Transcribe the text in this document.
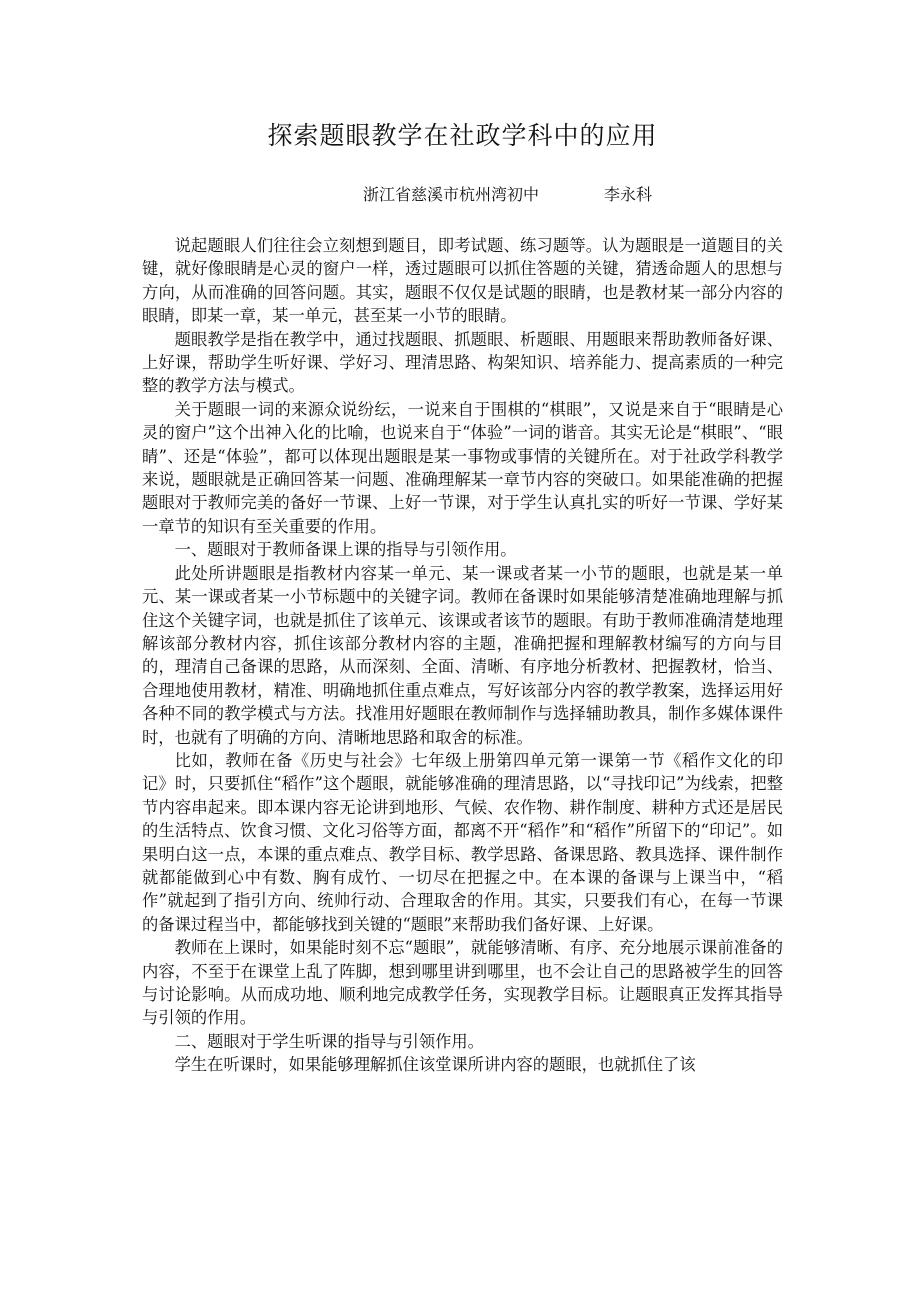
探索题眼教学在社政学科中的应用
浙江省慈溪市杭州湾初中	李永科

说起题眼人们往往会立刻想到题目，即考试题、练习题等。认为题眼是一道题目的关键，就好像眼睛是心灵的窗户一样，透过题眼可以抓住答题的关键，猜透命题人的思想与方向，从而准确的回答问题。其实，题眼不仅仅是试题的眼睛，也是教材某一部分内容的眼睛，即某一章，某一单元，甚至某一小节的眼睛。

题眼教学是指在教学中，通过找题眼、抓题眼、析题眼、用题眼来帮助教师备好课、上好课，帮助学生听好课、学好习、理清思路、构架知识、培养能力、提高素质的一种完整的教学方法与模式。

关于题眼一词的来源众说纷纭，一说来自于围棋的“棋眼”，又说是来自于“眼睛是心灵的窗户”这个出神入化的比喻，也说来自于“体验”一词的谐音。其实无论是“棋眼”、“眼睛”、还是“体验”，都可以体现出题眼是某一事物或事情的关键所在。对于社政学科教学来说，题眼就是正确回答某一问题、准确理解某一章节内容的突破口。如果能准确的把握题眼对于教师完美的备好一节课、上好一节课，对于学生认真扎实的听好一节课、学好某一章节的知识有至关重要的作用。

一、题眼对于教师备课上课的指导与引领作用。

此处所讲题眼是指教材内容某一单元、某一课或者某一小节的题眼，也就是某一单元、某一课或者某一小节标题中的关键字词。教师在备课时如果能够清楚准确地理解与抓住这个关键字词，也就是抓住了该单元、该课或者该节的题眼。有助于教师准确清楚地理解该部分教材内容，抓住该部分教材内容的主题，准确把握和理解教材编写的方向与目的，理清自己备课的思路，从而深刻、全面、清晰、有序地分析教材、把握教材，恰当、合理地使用教材，精准、明确地抓住重点难点，写好该部分内容的教学教案，选择运用好各种不同的教学模式与方法。找准用好题眼在教师制作与选择辅助教具，制作多媒体课件时，也就有了明确的方向、清晰地思路和取舍的标准。

比如，教师在备《历史与社会》七年级上册第四单元第一课第一节《稻作文化的印记》时，只要抓住“稻作”这个题眼，就能够准确的理清思路，以“寻找印记”为线索，把整节内容串起来。即本课内容无论讲到地形、气候、农作物、耕作制度、耕种方式还是居民的生活特点、饮食习惯、文化习俗等方面，都离不开“稻作”和“稻作”所留下的“印记”。如果明白这一点，本课的重点难点、教学目标、教学思路、备课思路、教具选择、课件制作就都能做到心中有数、胸有成竹、一切尽在把握之中。在本课的备课与上课当中，“稻作”就起到了指引方向、统帅行动、合理取舍的作用。其实，只要我们有心，在每一节课的备课过程当中，都能够找到关键的“题眼”来帮助我们备好课、上好课。

教师在上课时，如果能时刻不忘“题眼”，就能够清晰、有序、充分地展示课前准备的内容，不至于在课堂上乱了阵脚，想到哪里讲到哪里，也不会让自己的思路被学生的回答与讨论影响。从而成功地、顺利地完成教学任务，实现教学目标。让题眼真正发挥其指导与引领的作用。

二、题眼对于学生听课的指导与引领作用。

学生在听课时，如果能够理解抓住该堂课所讲内容的题眼，也就抓住了该
